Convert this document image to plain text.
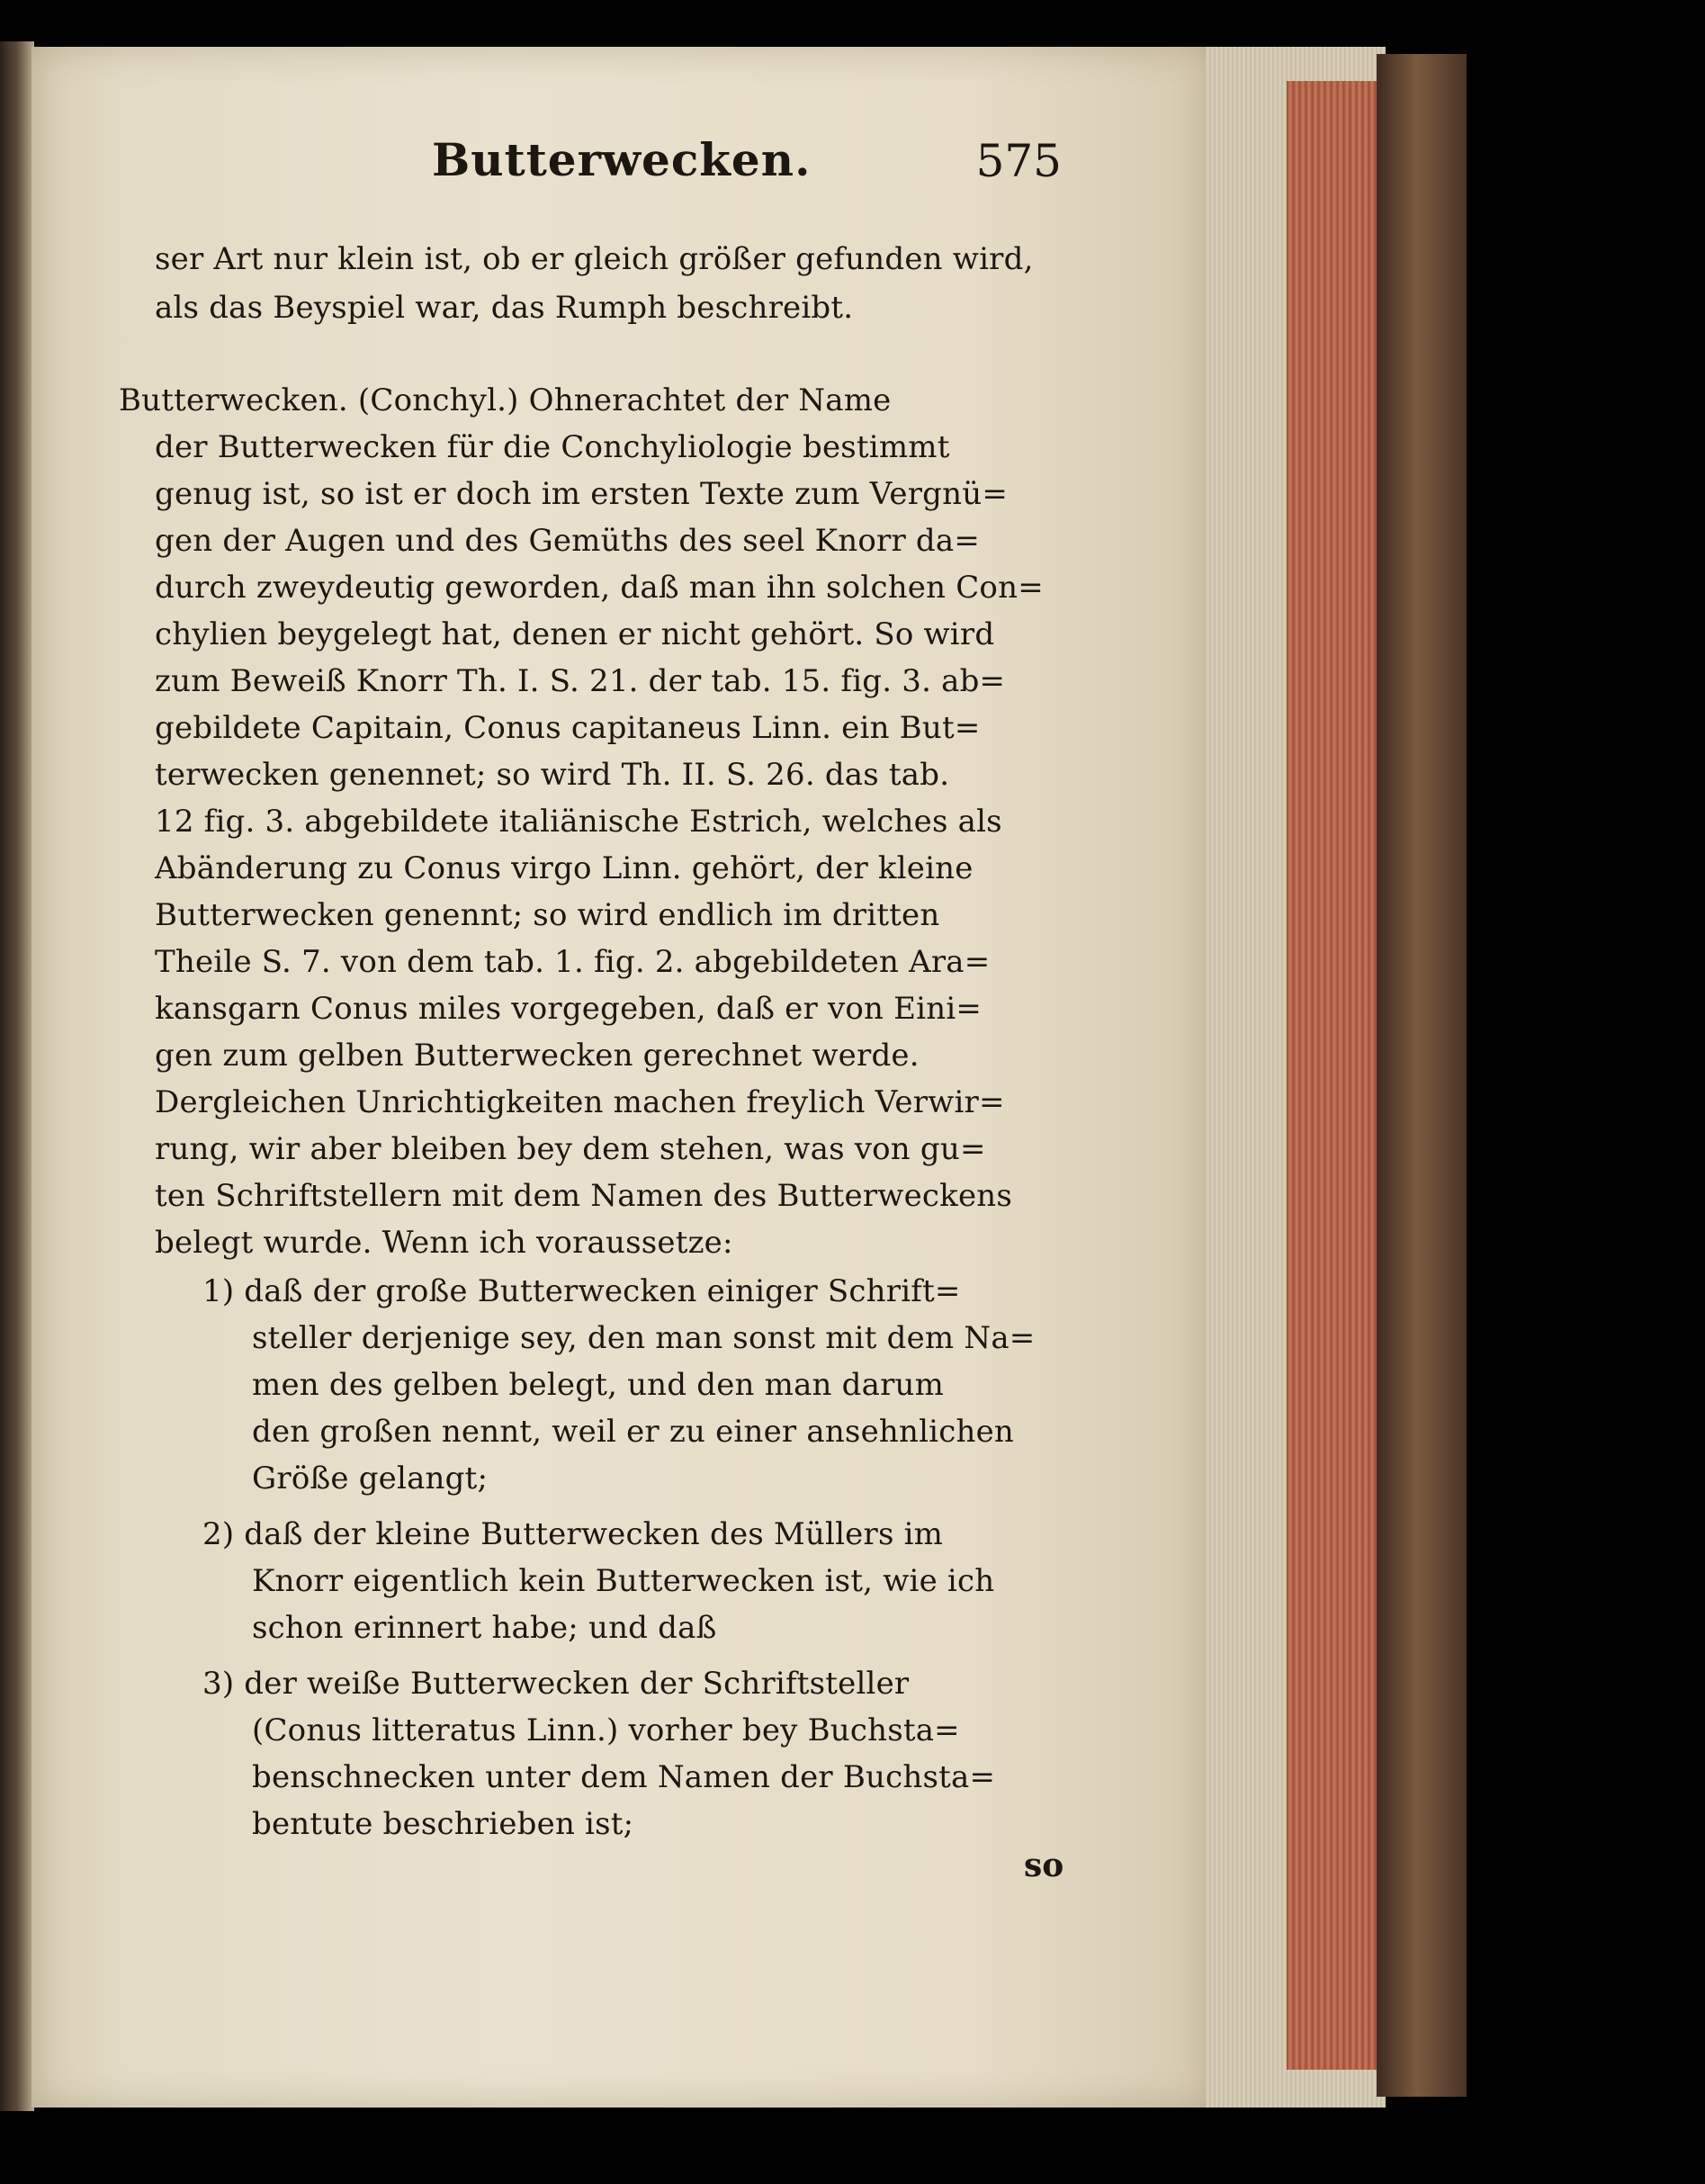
Butterwecken.	575
ser Art nur klein ist, ob er gleich größer gefunden wird,
als das Beyspiel war, das Rumph beschreibt.
Butterwecken. (Conchyl.) Ohnerachtet der Name
der Butterwecken für die Conchyliologie bestimmt
genug ist, so ist er doch im ersten Texte zum Vergnü=
gen der Augen und des Gemüths des seel Knorr da=
durch zweydeutig geworden, daß man ihn solchen Con=
chylien beygelegt hat, denen er nicht gehört. So wird
zum Beweiß Knorr Th. I. S. 21. der tab. 15. fig. 3. ab=
gebildete Capitain, Conus capitaneus Linn. ein But=
terwecken genennet; so wird Th. II. S. 26. das tab.
12 fig. 3. abgebildete italiänische Estrich, welches als
Abänderung zu Conus virgo Linn. gehört, der kleine
Butterwecken genennt; so wird endlich im dritten
Theile S. 7. von dem tab. 1. fig. 2. abgebildeten Ara=
kansgarn Conus miles vorgegeben, daß er von Eini=
gen zum gelben Butterwecken gerechnet werde.
Dergleichen Unrichtigkeiten machen freylich Verwir=
rung, wir aber bleiben bey dem stehen, was von gu=
ten Schriftstellern mit dem Namen des Butterweckens
belegt wurde. Wenn ich voraussetze:
1) daß der große Butterwecken einiger Schrift=
steller derjenige sey, den man sonst mit dem Na=
men des gelben belegt, und den man darum
den großen nennt, weil er zu einer ansehnlichen
Größe gelangt;
2) daß der kleine Butterwecken des Müllers im
Knorr eigentlich kein Butterwecken ist, wie ich
schon erinnert habe; und daß
3) der weiße Butterwecken der Schriftsteller
(Conus litteratus Linn.) vorher bey Buchsta=
benschnecken unter dem Namen der Buchsta=
bentute beschrieben ist;
so
